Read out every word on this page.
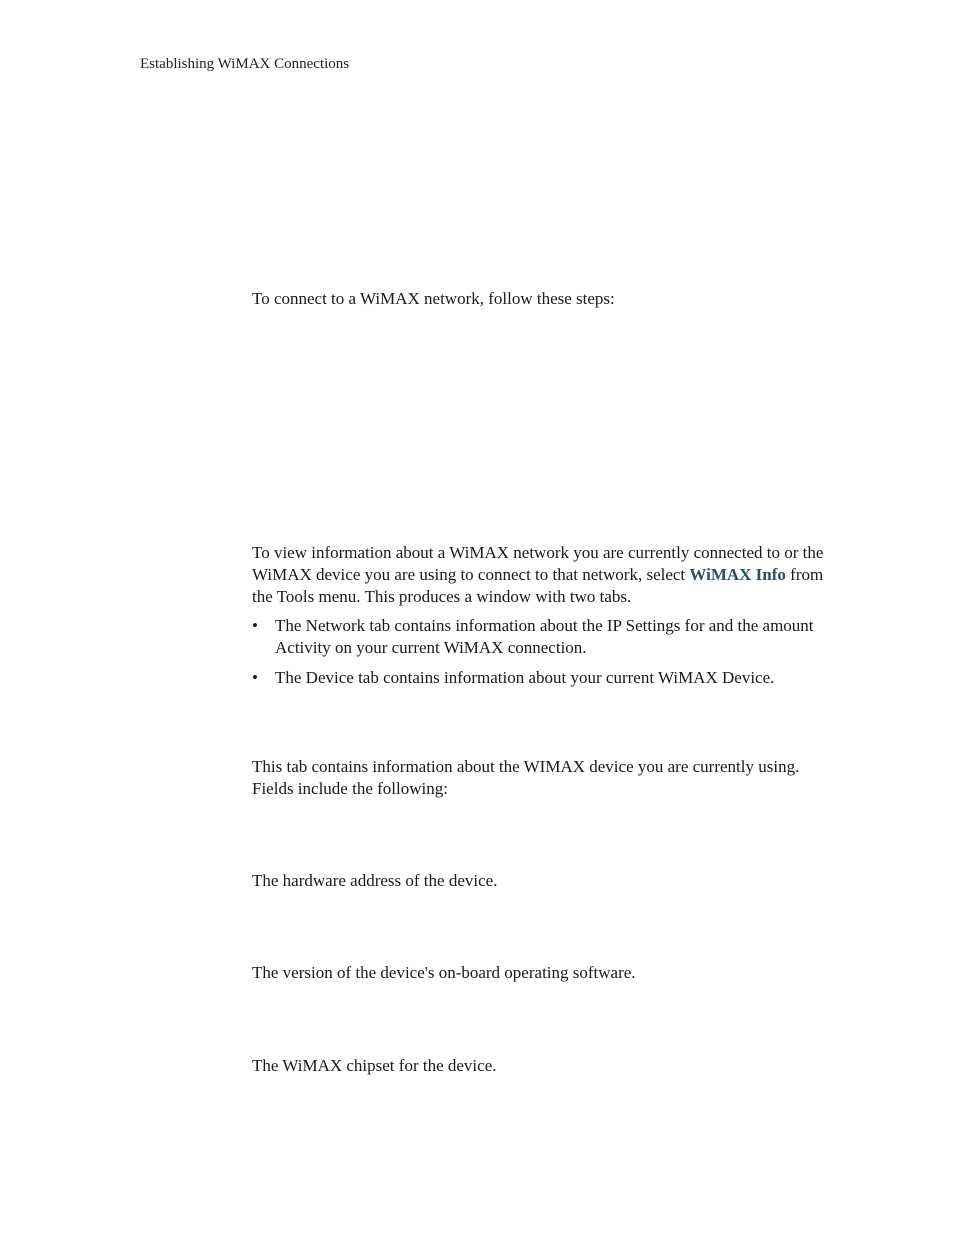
Establishing WiMAX Connections

To connect to a WiMAX network, follow these steps:

To view information about a WiMAX network you are currently connected to or the WiMAX device you are using to connect to that network, select WiMAX Info from the Tools menu. This produces a window with two tabs.

• The Network tab contains information about the IP Settings for and the amount Activity on your current WiMAX connection.
• The Device tab contains information about your current WiMAX Device.

This tab contains information about the WIMAX device you are currently using. Fields include the following:

The hardware address of the device.

The version of the device's on-board operating software.

The WiMAX chipset for the device.
